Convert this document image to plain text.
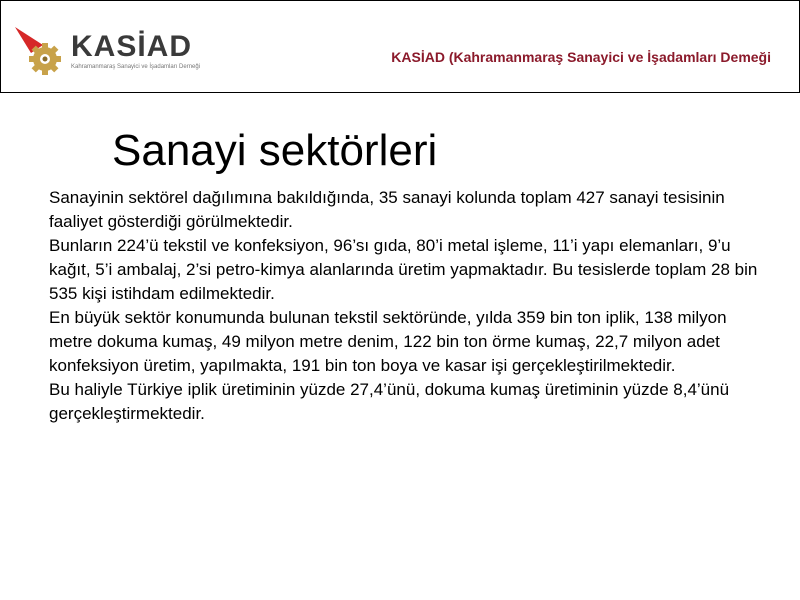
KASİAD
Kahramanmaraş Sanayici ve İşadamları Derneği
KASİAD (Kahramanmaraş Sanayici ve İşadamları Demeği
Sanayi sektörleri

Sanayinin sektörel dağılımına bakıldığında, 35 sanayi kolunda toplam 427 sanayi tesisinin faaliyet gösterdiği görülmektedir.

Bunların 224’ü tekstil ve konfeksiyon, 96’sı gıda, 80’i metal işleme, 11’i yapı elemanları, 9’u kağıt, 5’i ambalaj, 2’si petro-kimya alanlarında üretim yapmaktadır. Bu tesislerde toplam 28 bin 535 kişi istihdam edilmektedir.

En büyük sektör konumunda bulunan tekstil sektöründe, yılda 359 bin ton iplik, 138 milyon metre dokuma kumaş, 49 milyon metre denim, 122 bin ton örme kumaş, 22,7 milyon adet konfeksiyon üretim, yapılmakta, 191 bin ton boya ve kasar işi gerçekleştirilmektedir.

Bu haliyle Türkiye iplik üretiminin yüzde 27,4’ünü, dokuma kumaş üretiminin yüzde 8,4’ünü gerçekleştirmektedir.
